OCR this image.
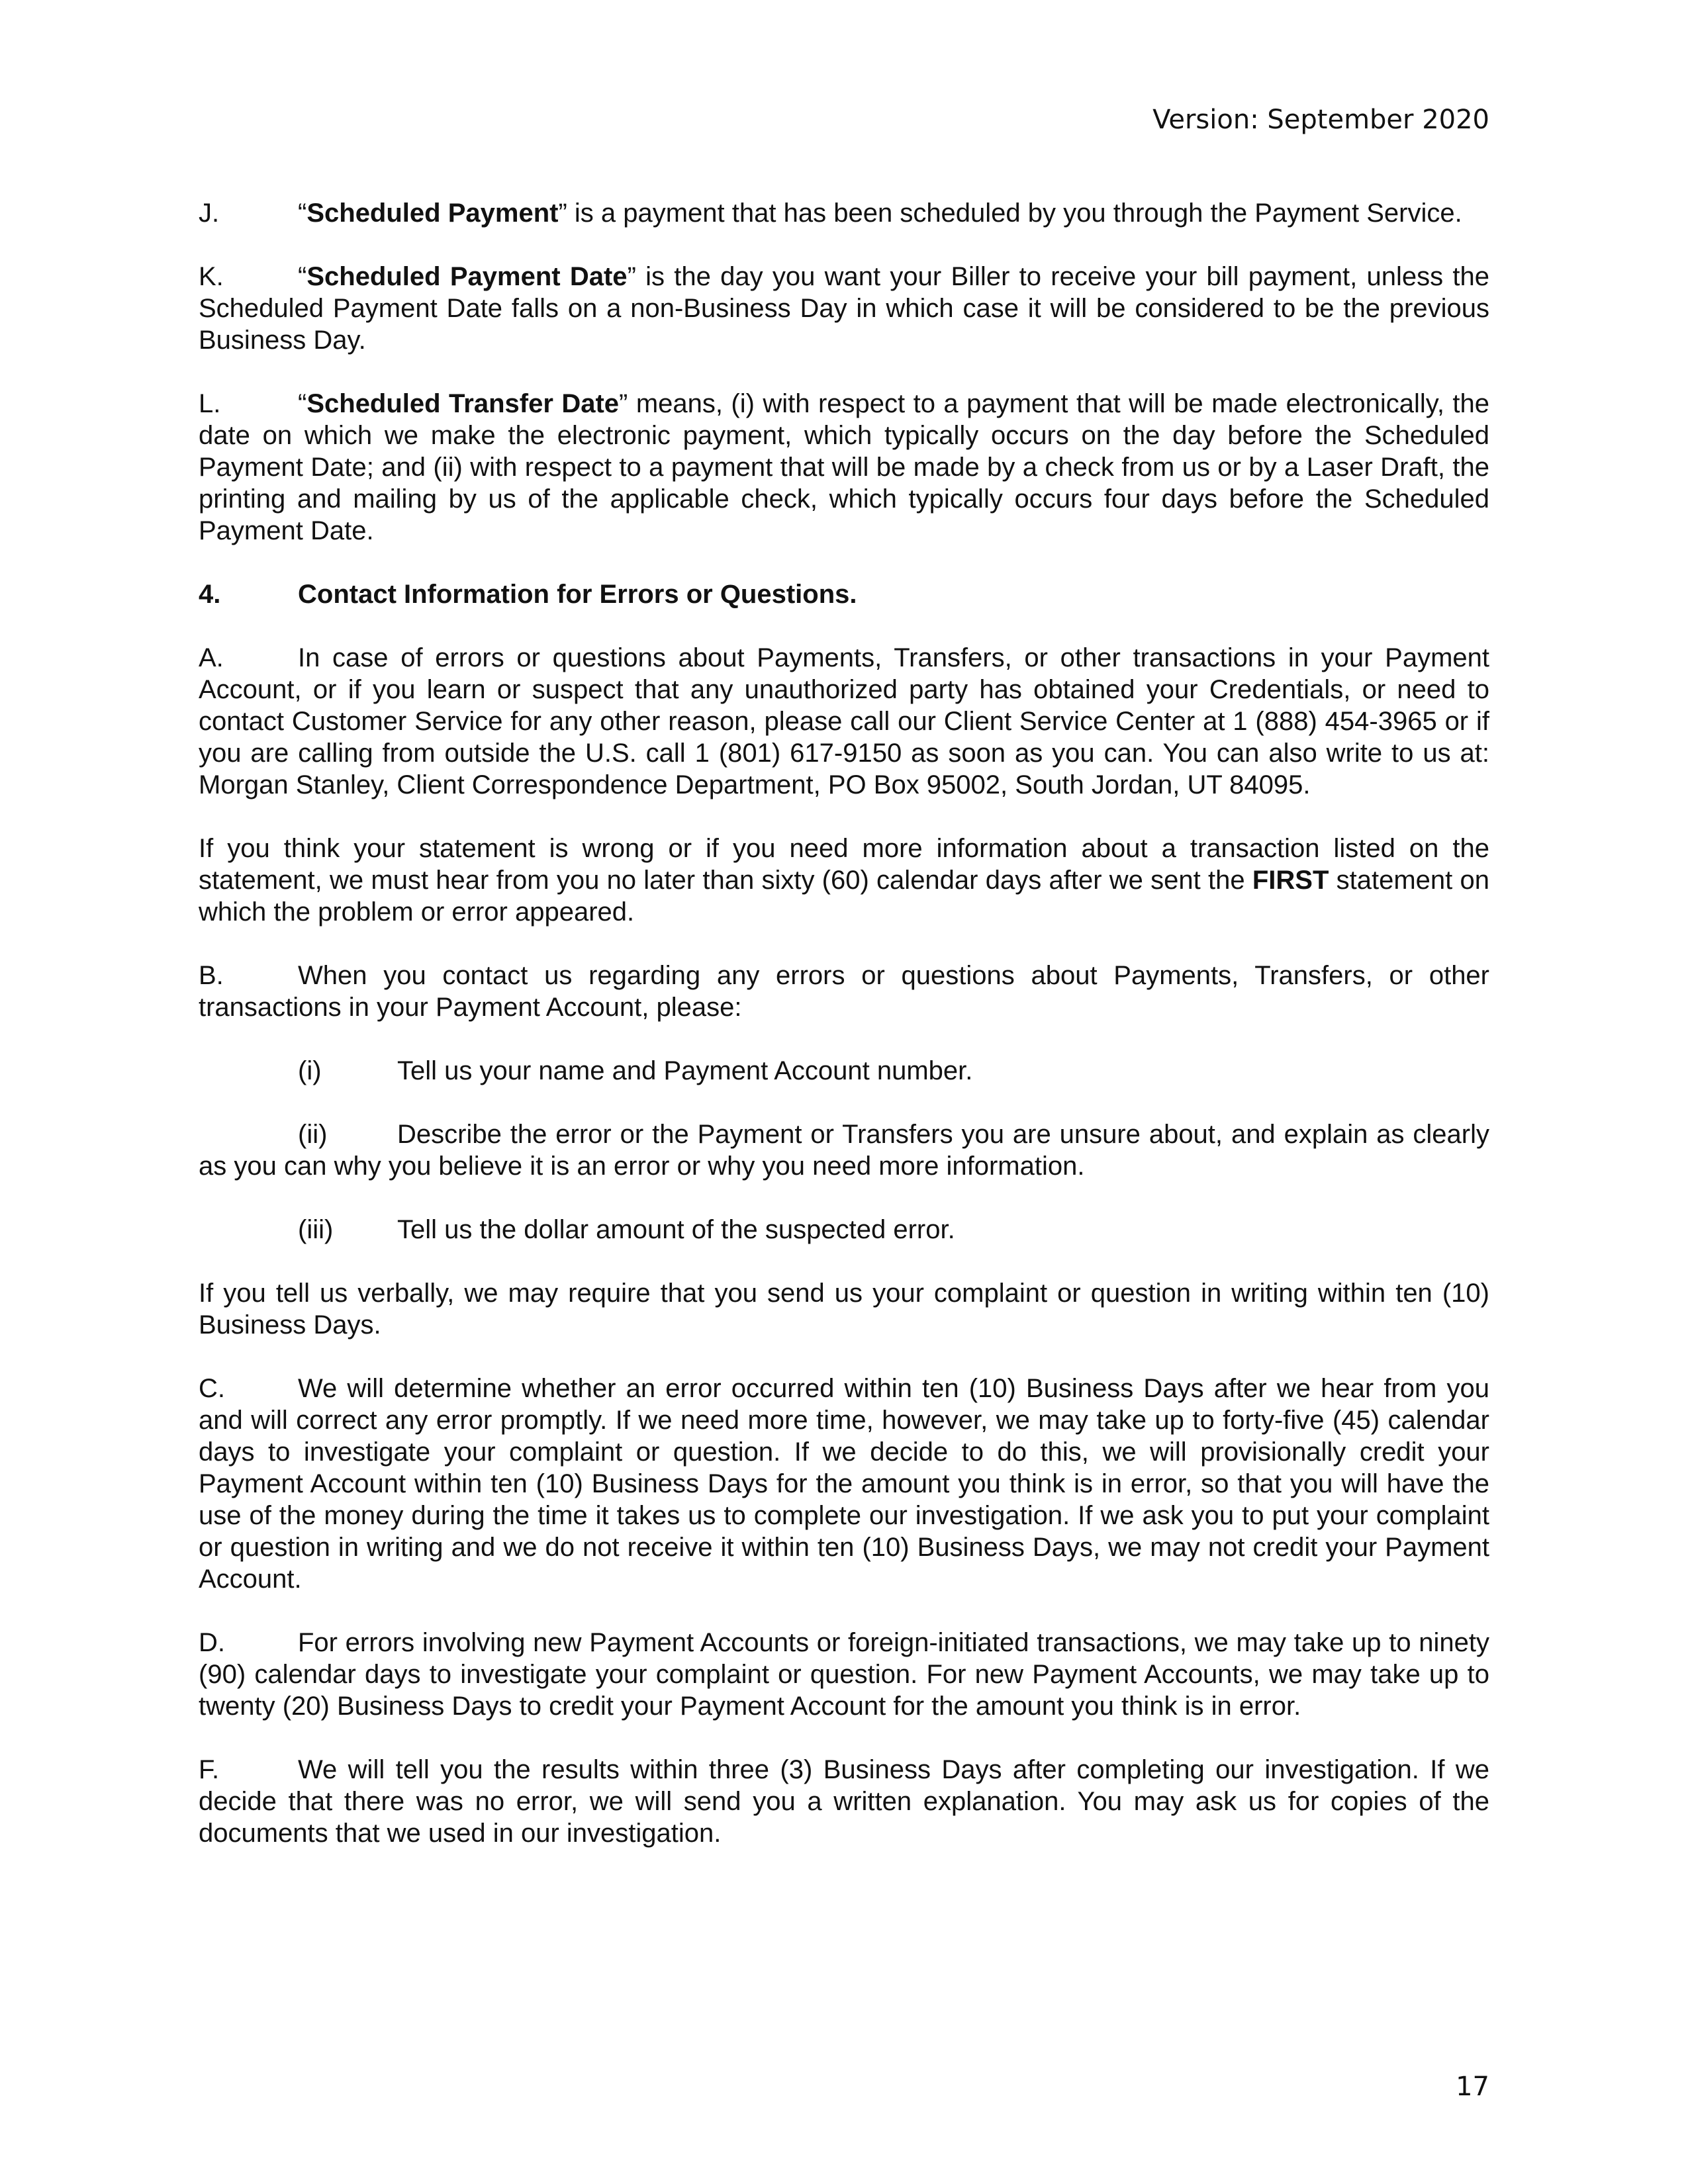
Version: September 2020

J.	“Scheduled Payment” is a payment that has been scheduled by you through the Payment Service.

K.	“Scheduled Payment Date” is the day you want your Biller to receive your bill payment, unless the Scheduled Payment Date falls on a non-Business Day in which case it will be considered to be the previous Business Day.

L.	“Scheduled Transfer Date” means, (i) with respect to a payment that will be made electronically, the date on which we make the electronic payment, which typically occurs on the day before the Scheduled Payment Date; and (ii) with respect to a payment that will be made by a check from us or by a Laser Draft, the printing and mailing by us of the applicable check, which typically occurs four days before the Scheduled Payment Date.

4.	Contact Information for Errors or Questions.

A.	In case of errors or questions about Payments, Transfers, or other transactions in your Payment Account, or if you learn or suspect that any unauthorized party has obtained your Credentials, or need to contact Customer Service for any other reason, please call our Client Service Center at 1 (888) 454-3965 or if you are calling from outside the U.S. call 1 (801) 617-9150 as soon as you can. You can also write to us at: Morgan Stanley, Client Correspondence Department, PO Box 95002, South Jordan, UT 84095.

If you think your statement is wrong or if you need more information about a transaction listed on the statement, we must hear from you no later than sixty (60) calendar days after we sent the FIRST statement on which the problem or error appeared.

B.	When you contact us regarding any errors or questions about Payments, Transfers, or other transactions in your Payment Account, please:

(i)	Tell us your name and Payment Account number.

(ii)	Describe the error or the Payment or Transfers you are unsure about, and explain as clearly as you can why you believe it is an error or why you need more information.

(iii) Tell us the dollar amount of the suspected error.

If you tell us verbally, we may require that you send us your complaint or question in writing within ten (10) Business Days.

C.	We will determine whether an error occurred within ten (10) Business Days after we hear from you and will correct any error promptly. If we need more time, however, we may take up to forty-five (45) calendar days to investigate your complaint or question. If we decide to do this, we will provisionally credit your Payment Account within ten (10) Business Days for the amount you think is in error, so that you will have the use of the money during the time it takes us to complete our investigation. If we ask you to put your complaint or question in writing and we do not receive it within ten (10) Business Days, we may not credit your Payment Account.

D.	For errors involving new Payment Accounts or foreign-initiated transactions, we may take up to ninety (90) calendar days to investigate your complaint or question. For new Payment Accounts, we may take up to twenty (20) Business Days to credit your Payment Account for the amount you think is in error.

F.	We will tell you the results within three (3) Business Days after completing our investigation. If we decide that there was no error, we will send you a written explanation. You may ask us for copies of the documents that we used in our investigation.

17
